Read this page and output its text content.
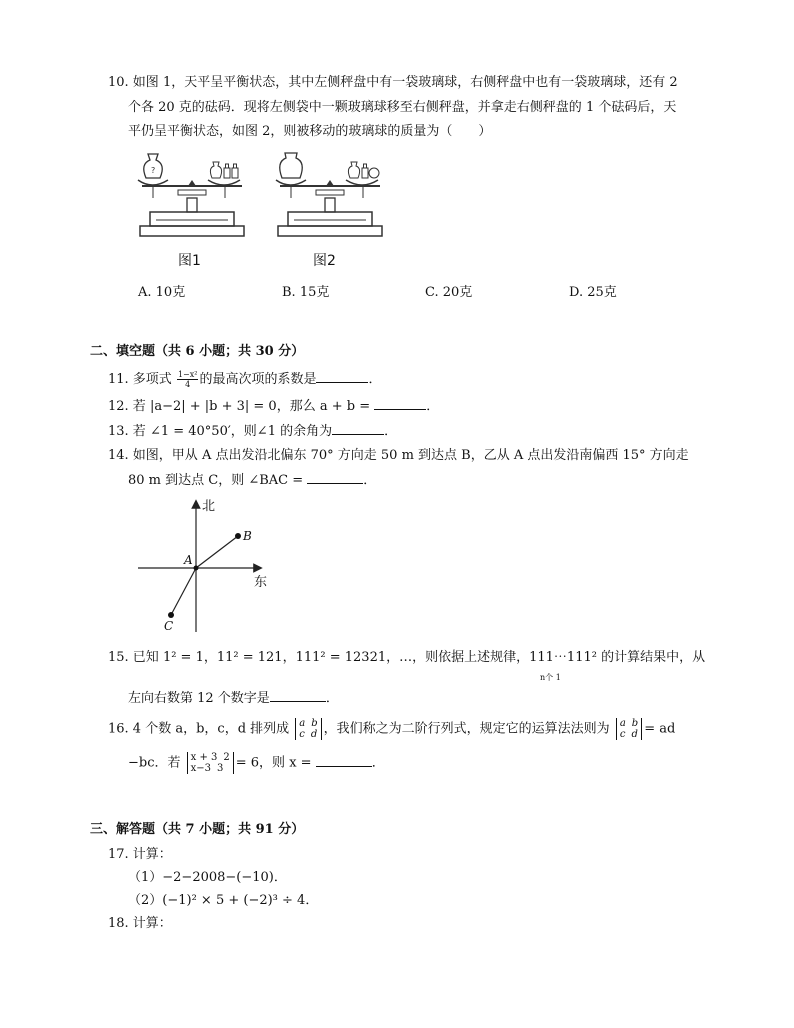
10. 如图 1，天平呈平衡状态，其中左侧秤盘中有一袋玻璃球，右侧秤盘中也有一袋玻璃球，还有 2
个各 20 克的砝码．现将左侧袋中一颗玻璃球移至右侧秤盘，并拿走右侧秤盘的 1 个砝码后，天
平仍呈平衡状态，如图 2，则被移动的玻璃球的质量为（　　）
?
图1	图2
A. 10克	B. 15克	C. 20克	D. 25克
二、填空题（共 6 小题；共 30 分）
11. 多项式 $\frac{\text{1−x²}}{4}$ 的最高次项的系数是	．
12. 若 |a−2| + |b + 3| = 0，那么 a + b =	．
13. 若 ∠1 = 40°50′，则∠1 的余角为	．
14. 如图，甲从 A 点出发沿北偏东 70° 方向走 50 m 到达点 B，乙从 A 点出发沿南偏西 15° 方向走
80 m 到达点 C，则 ∠BAC =	．
北
东
A
B
C
15. 已知 1² = 1，11² = 121，111² = 12321，…，则依据上述规律，111⋯111² 的计算结果中，从
n个 1
左向右数第 12 个数字是	．
16. 4 个数 a，b，c，d 排列成 a b
c d ，我们称之为二阶行列式，规定它的运算法法则为 a b
c d = ad
−bc．若 x + 3 2
x−3 3 = 6，则 x =	．
三、解答题（共 7 小题；共 91 分）
17. 计算：
（1）−2−2008−(−10)．
（2）(−1)² × 5 + (−2)³ ÷ 4．
18. 计算：
